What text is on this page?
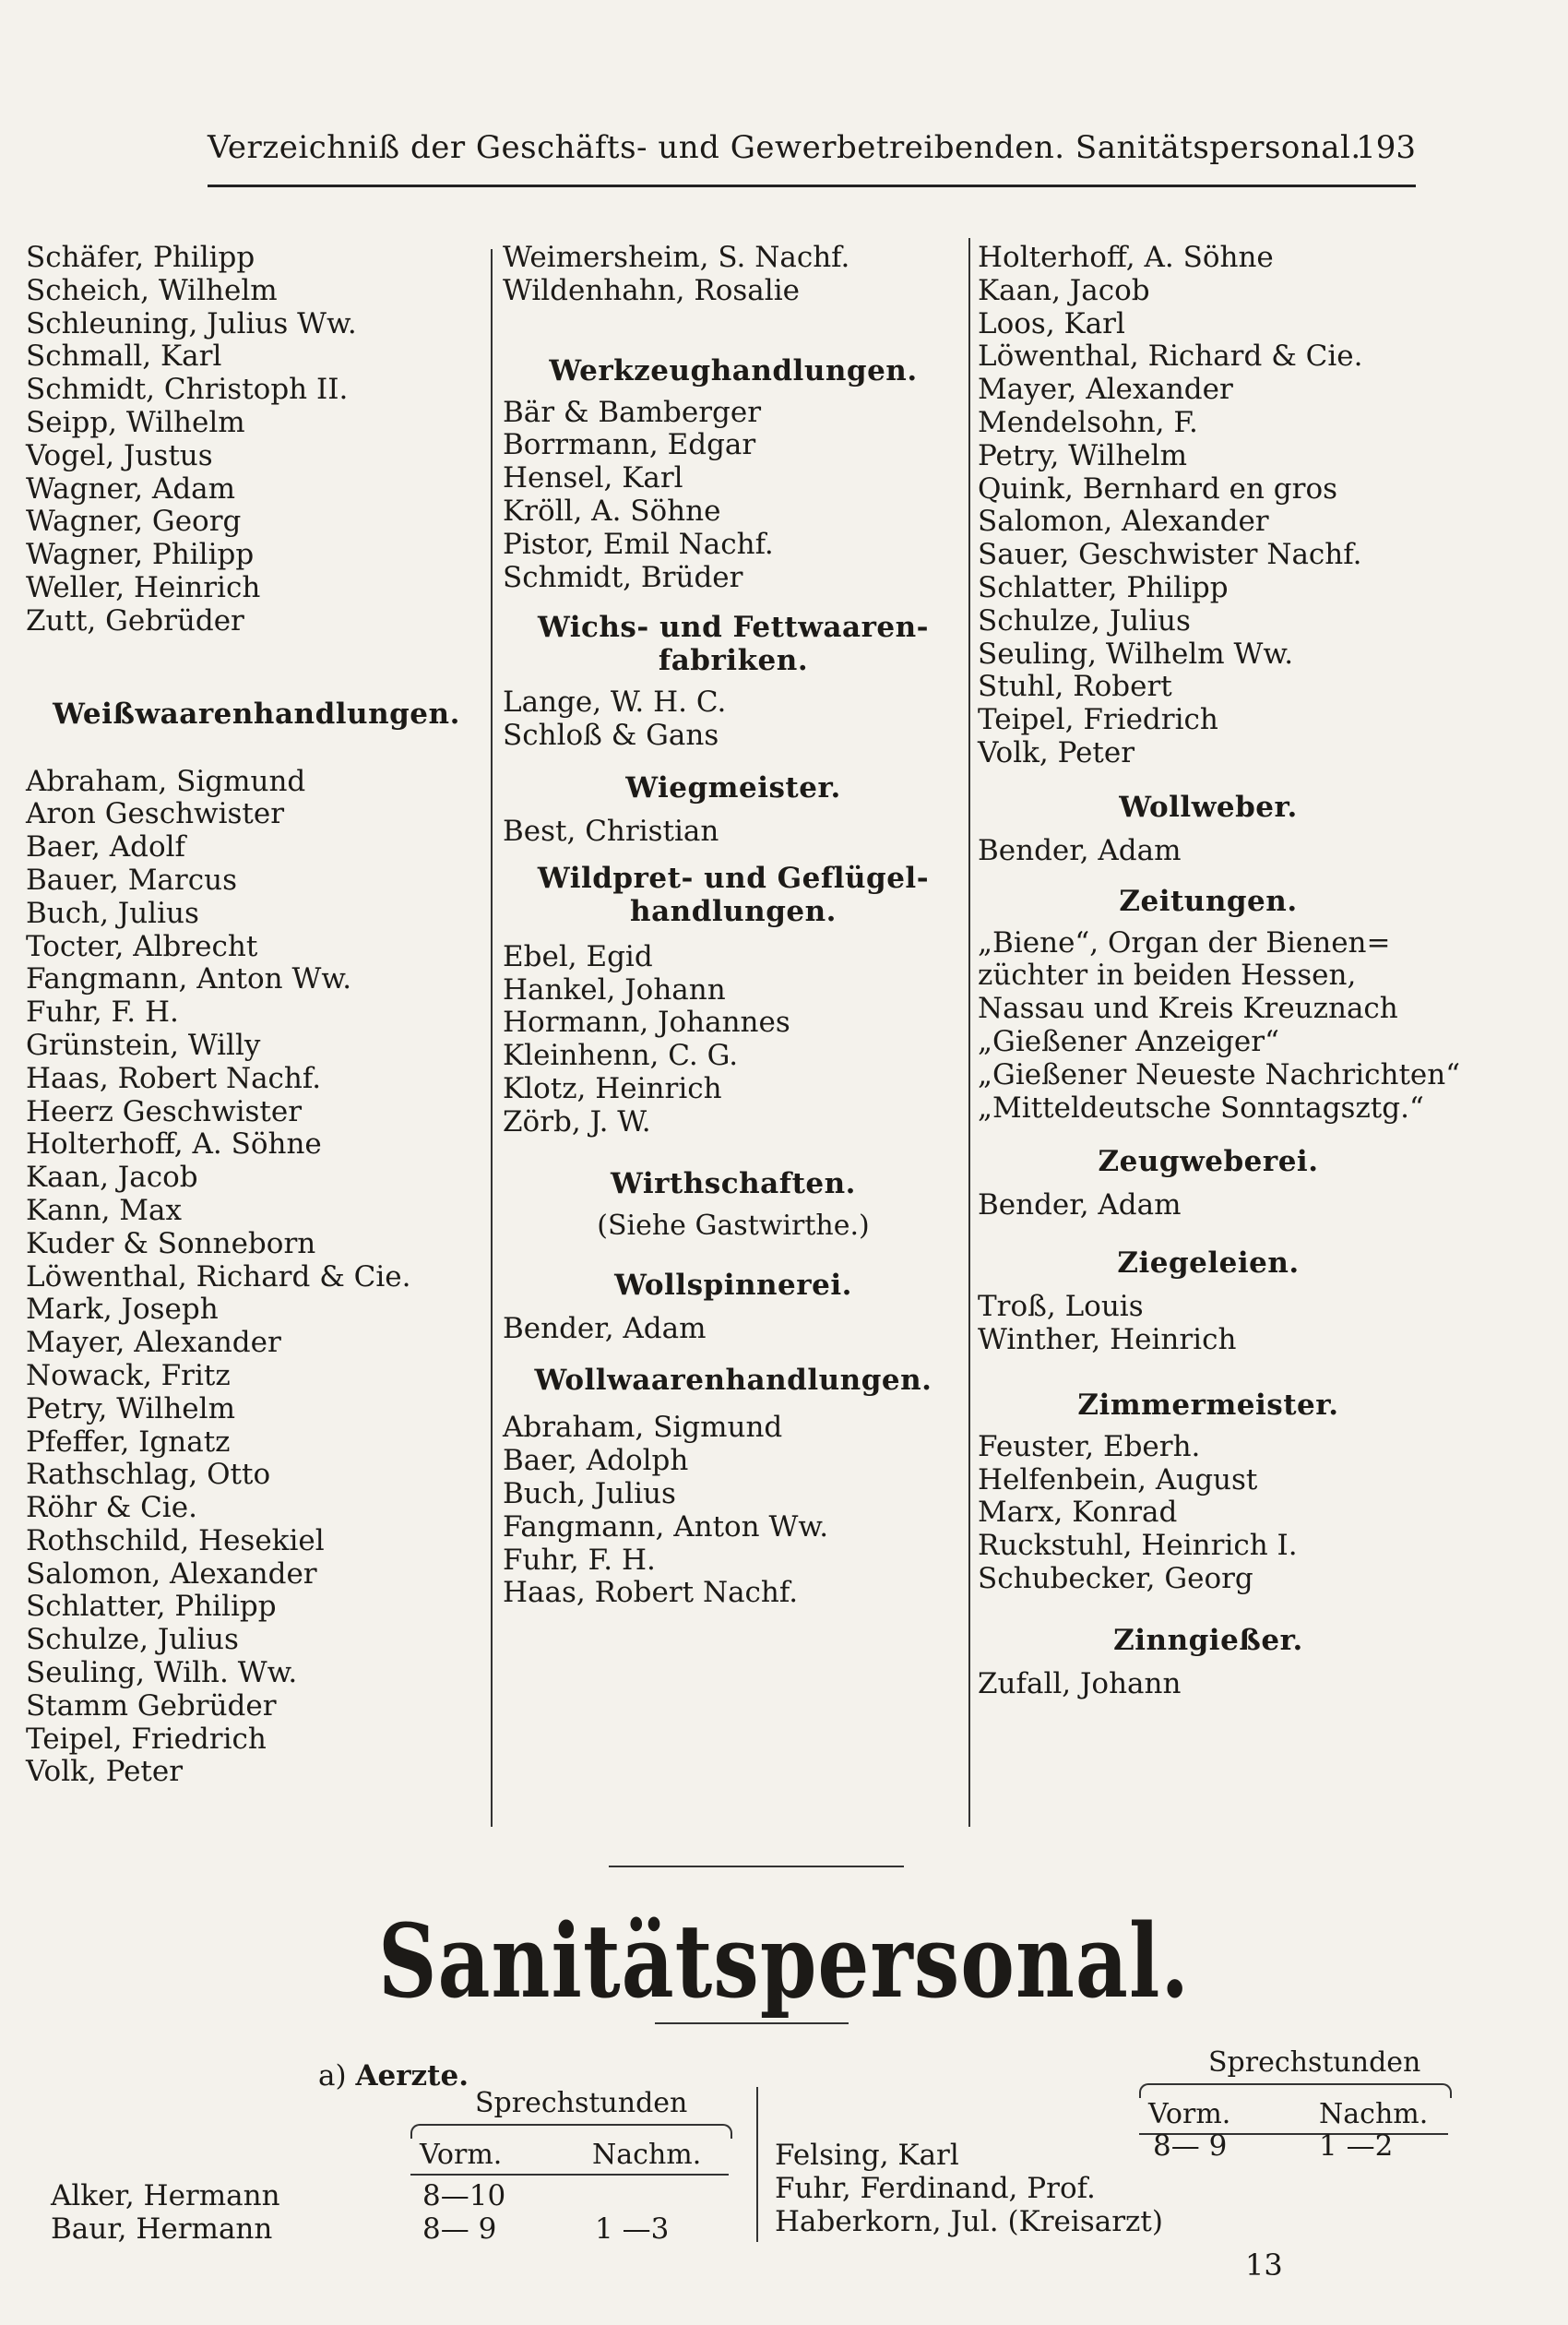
Verzeichniß der Geschäfts- und Gewerbetreibenden. Sanitätspersonal.
193
Schäfer, Philipp
Scheich, Wilhelm
Schleuning, Julius Ww.
Schmall, Karl
Schmidt, Christoph II.
Seipp, Wilhelm
Vogel, Justus
Wagner, Adam
Wagner, Georg
Wagner, Philipp
Weller, Heinrich
Zutt, Gebrüder
Weißwaarenhandlungen.
Abraham, Sigmund
Aron Geschwister
Baer, Adolf
Bauer, Marcus
Buch, Julius
Tocter, Albrecht
Fangmann, Anton Ww.
Fuhr, F. H.
Grünstein, Willy
Haas, Robert Nachf.
Heerz Geschwister
Holterhoff, A. Söhne
Kaan, Jacob
Kann, Max
Kuder & Sonneborn
Löwenthal, Richard & Cie.
Mark, Joseph
Mayer, Alexander
Nowack, Fritz
Petry, Wilhelm
Pfeffer, Ignatz
Rathschlag, Otto
Röhr & Cie.
Rothschild, Hesekiel
Salomon, Alexander
Schlatter, Philipp
Schulze, Julius
Seuling, Wilh. Ww.
Stamm Gebrüder
Teipel, Friedrich
Volk, Peter
Weimersheim, S. Nachf.
Wildenhahn, Rosalie
Werkzeughandlungen.
Bär & Bamberger
Borrmann, Edgar
Hensel, Karl
Kröll, A. Söhne
Pistor, Emil Nachf.
Schmidt, Brüder
Wichs- und Fettwaaren-
fabriken.
Lange, W. H. C.
Schloß & Gans
Wiegmeister.
Best, Christian
Wildpret- und Geflügel-
handlungen.
Ebel, Egid
Hankel, Johann
Hormann, Johannes
Kleinhenn, C. G.
Klotz, Heinrich
Zörb, J. W.
Wirthschaften.
(Siehe Gastwirthe.)
Wollspinnerei.
Bender, Adam
Wollwaarenhandlungen.
Abraham, Sigmund
Baer, Adolph
Buch, Julius
Fangmann, Anton Ww.
Fuhr, F. H.
Haas, Robert Nachf.
Holterhoff, A. Söhne
Kaan, Jacob
Loos, Karl
Löwenthal, Richard & Cie.
Mayer, Alexander
Mendelsohn, F.
Petry, Wilhelm
Quink, Bernhard en gros
Salomon, Alexander
Sauer, Geschwister Nachf.
Schlatter, Philipp
Schulze, Julius
Seuling, Wilhelm Ww.
Stuhl, Robert
Teipel, Friedrich
Volk, Peter
Wollweber.
Bender, Adam
Zeitungen.
„Biene“, Organ der Bienen=
züchter in beiden Hessen,
Nassau und Kreis Kreuznach
„Gießener Anzeiger“
„Gießener Neueste Nachrichten“
„Mitteldeutsche Sonntagsztg.“
Zeugweberei.
Bender, Adam
Ziegeleien.
Troß, Louis
Winther, Heinrich
Zimmermeister.
Feuster, Eberh.
Helfenbein, August
Marx, Konrad
Ruckstuhl, Heinrich I.
Schubecker, Georg
Zinngießer.
Zufall, Johann
Sanitätspersonal.
a) Aerzte.
Sprechstunden
Vorm.	Nachm.
Sprechstunden
Vorm.	Nachm.
Alker, Hermann	8—10
Baur, Hermann	8— 9	1 —3
Felsing, Karl	8— 9	1 —2
Fuhr, Ferdinand, Prof.
Haberkorn, Jul. (Kreisarzt)
13
